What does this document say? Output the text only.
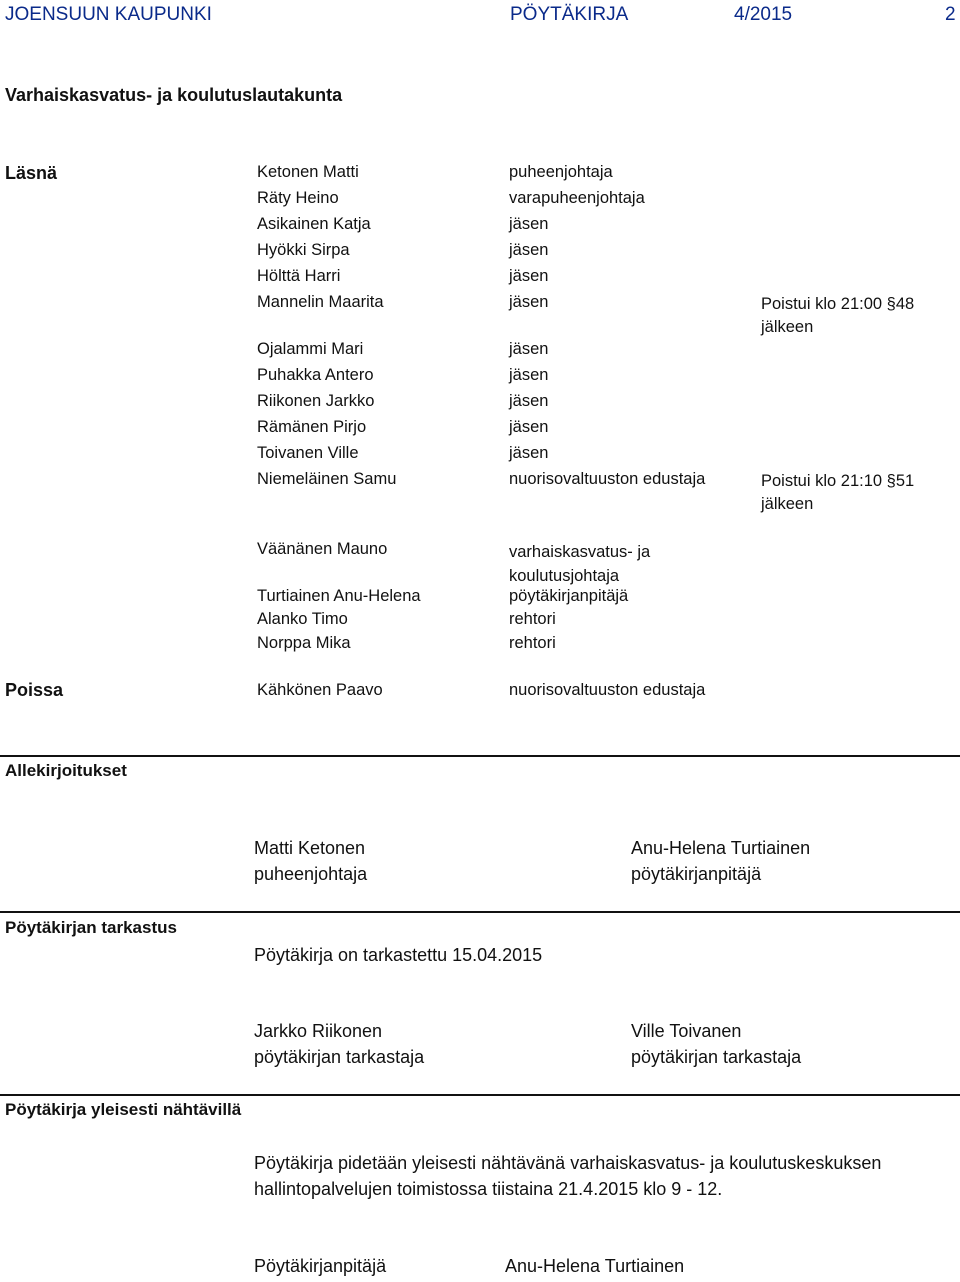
JOENSUUN KAUPUNKI	PÖYTÄKIRJA	4/2015	2
Varhaiskasvatus- ja koulutuslautakunta
Läsnä	Ketonen Matti	puheenjohtaja
Räty Heino	varapuheenjohtaja
Asikainen Katja	jäsen
Hyökki Sirpa	jäsen
Hölttä Harri	jäsen
Mannelin Maarita	jäsen	Poistui klo 21:00 §48 jälkeen
Ojalammi Mari	jäsen
Puhakka Antero	jäsen
Riikonen Jarkko	jäsen
Rämänen Pirjo	jäsen
Toivanen Ville	jäsen
Nieme​läinen Samu	nuorisovaltuuston edustaja	Poistui klo 21:10 §51 jälkeen
Väänänen Mauno	varhaiskasvatus- ja koulutusjohtaja
Turtiainen Anu-Helena	pöytäkirjanpitäjä
Alanko Timo	rehtori
Norppa Mika	rehtori
Poissa	Kähkönen Paavo	nuorisovaltuuston edustaja
Allekirjoitukset
Matti Ketonen
puheenjohtaja
Anu-Helena Turtiainen
pöytäkirjanpitäjä
Pöytäkirjan tarkastus
Pöytäkirja on tarkastettu 15.04.2015
Jarkko Riikonen
pöytäkirjan tarkastaja
Ville Toivanen
pöytäkirjan tarkastaja
Pöytäkirja yleisesti nähtävillä
Pöytäkirja pidetään yleisesti nähtävänä varhaiskasvatus- ja koulutuskeskuksen
hallintopalvelujen toimistossa tiistaina 21.4.2015 klo 9 - 12.
Pöytäkirjanpitäjä	Anu-Helena Turtiainen
